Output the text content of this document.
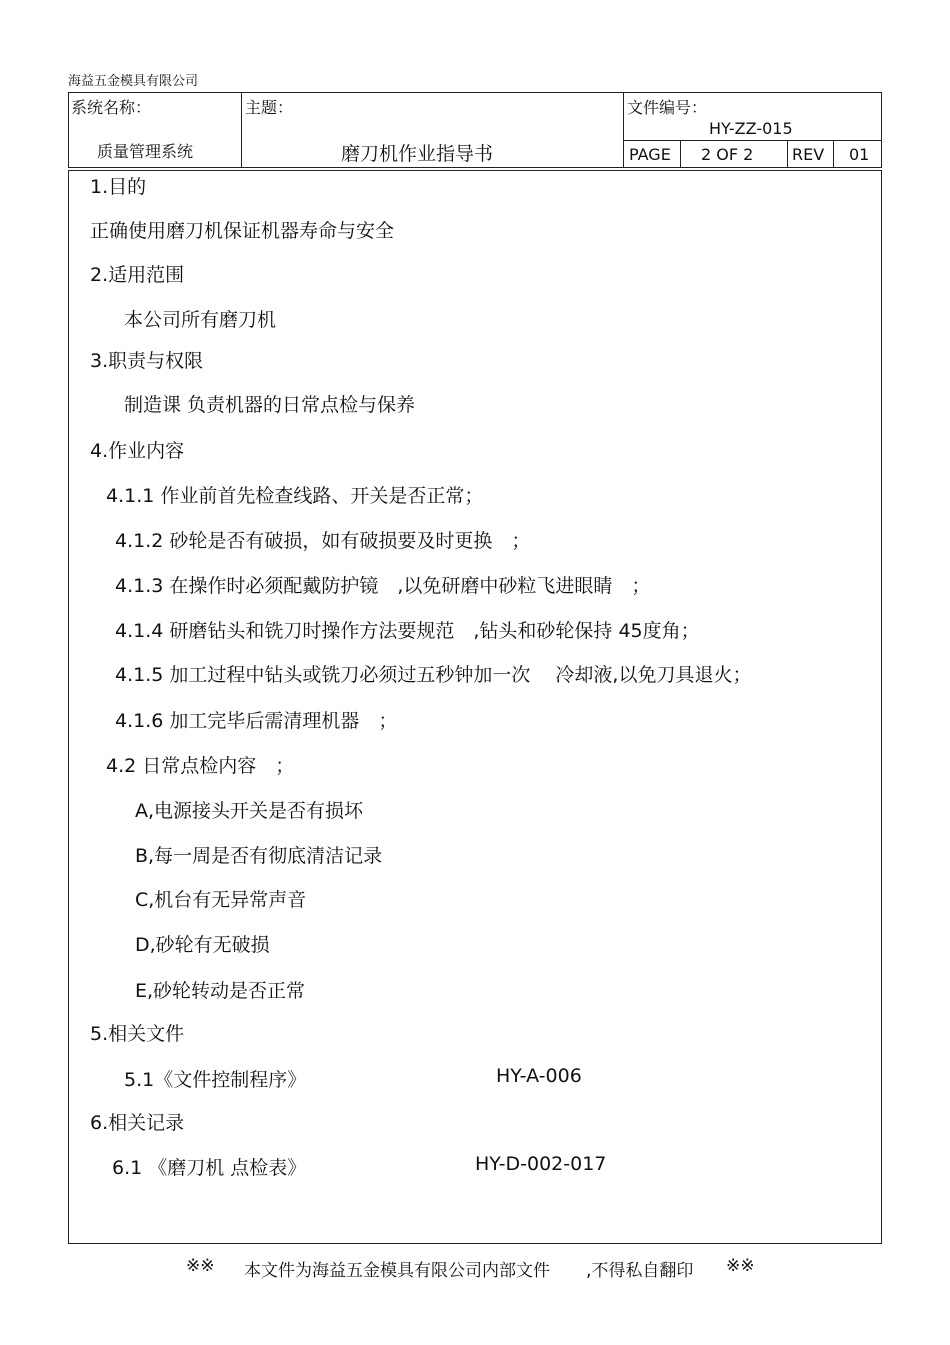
海益五金模具有限公司
系统名称：
质量管理系统
主题：
磨刀机作业指导书
文件编号：
HY-ZZ-015
PAGE 2 OF 2 REV 01
1.目的
正确使用磨刀机保证机器寿命与安全
2.适用范围
本公司所有磨刀机
3.职责与权限
制造课 负责机器的日常点检与保养
4.作业内容
4.1.1 作业前首先检查线路、开关是否正常；
4.1.2 砂轮是否有破损，如有破损要及时更换　；
4.1.3 在操作时必须配戴防护镜　,以免研磨中砂粒飞进眼睛　；
4.1.4 研磨钻头和铣刀时操作方法要规范　,钻头和砂轮保持 45度角；
4.1.5 加工过程中钻头或铣刀必须过五秒钟加一次　 冷却液,以免刀具退火；
4.1.6 加工完毕后需清理机器　；
4.2 日常点检内容　；
A,电源接头开关是否有损坏
B,每一周是否有彻底清洁记录
C,机台有无异常声音
D,砂轮有无破损
E,砂轮转动是否正常
5.相关文件
5.1《文件控制程序》	HY-A-006
6.相关记录
6.1 《磨刀机 点检表》	HY-D-002-017
※※ 本文件为海益五金模具有限公司内部文件 ,不得私自翻印 ※※
